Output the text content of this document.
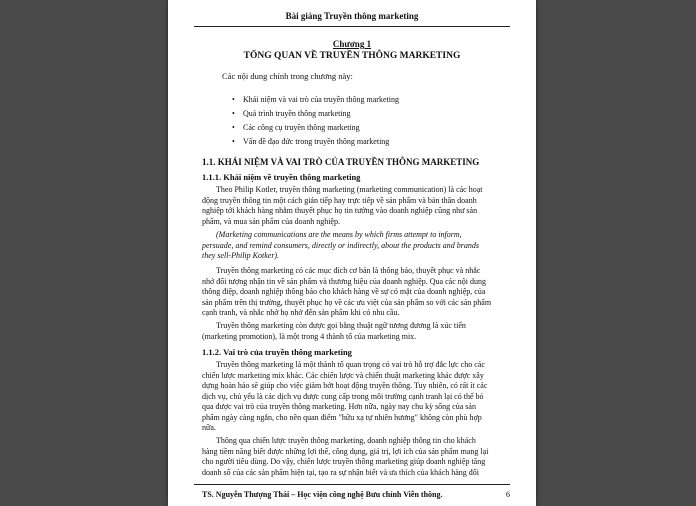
Bài giảng Truyền thông marketing
Chương 1
TỔNG QUAN VỀ TRUYỀN THÔNG MARKETING
Các nội dung chính trong chương này:
• Khái niệm và vai trò của truyền thông marketing
• Quá trình truyền thông marketing
• Các công cụ truyền thông marketing
• Vấn đề đạo đức trong truyền thông marketing
1.1. KHÁI NIỆM VÀ VAI TRÒ CỦA TRUYỀN THÔNG MARKETING
1.1.1. Khái niệm về truyền thông marketing
Theo Philip Kotler, truyền thông marketing (marketing communication) là các hoạt
động truyền thông tin một cách gián tiếp hay trực tiếp về sản phẩm và bản thân doanh
nghiệp tới khách hàng nhằm thuyết phục họ tin tưởng vào doanh nghiệp cũng như sản
phẩm, và mua sản phẩm của doanh nghiệp.
(Marketing communications are the means by which firms attempt to inform,
persuade, and remind consumers, directly or indirectly, about the products and brands
they sell-Philip Kotker).
Truyền thông marketing có các mục đích cơ bản là thông báo, thuyết phục và nhắc
nhở đối tượng nhận tin về sản phẩm và thương hiệu của doanh nghiệp. Qua các nội dung
thông điệp, doanh nghiệp thông báo cho khách hàng về sự có mặt của doanh nghiệp, của
sản phẩm trên thị trường, thuyết phục họ về các ưu việt của sản phẩm so với các sản phẩm
cạnh tranh, và nhắc nhở họ nhớ đến sản phẩm khi có nhu cầu.
Truyền thông marketing còn được gọi bằng thuật ngữ tương đương là xúc tiến
(marketing promotion), là một trong 4 thành tố của marketing mix.
1.1.2. Vai trò của truyền thông marketing
Truyền thông marketing là một thành tố quan trọng có vai trò hỗ trợ đắc lực cho các
chiến lược marketing mix khác. Các chiến lược và chiến thuật marketing khác được xây
dựng hoàn hảo sẽ giúp cho việc giảm bớt hoạt động truyền thông. Tuy nhiên, có rất ít các
dịch vụ, chủ yếu là các dịch vụ được cung cấp trong môi trường cạnh tranh lại có thể bỏ
qua được vai trò của truyền thông marketing. Hơn nữa, ngày nay chu kỳ sống của sản
phẩm ngày càng ngắn, cho nên quan điểm "hữu xạ tự nhiên hương" không còn phù hợp
nữa.
Thông qua chiến lược truyền thông marketing, doanh nghiệp thông tin cho khách
hàng tiềm năng biết được những lợi thế, công dụng, giá trị, lợi ích của sản phẩm mang lại
cho người tiêu dùng. Do vậy, chiến lược truyền thông marketing giúp doanh nghiệp tăng
doanh số của các sản phẩm hiện tại, tạo ra sự nhận biết và ưa thích của khách hàng đối
TS. Nguyễn Thượng Thái – Học viện công nghệ Bưu chính Viễn thông.	6
